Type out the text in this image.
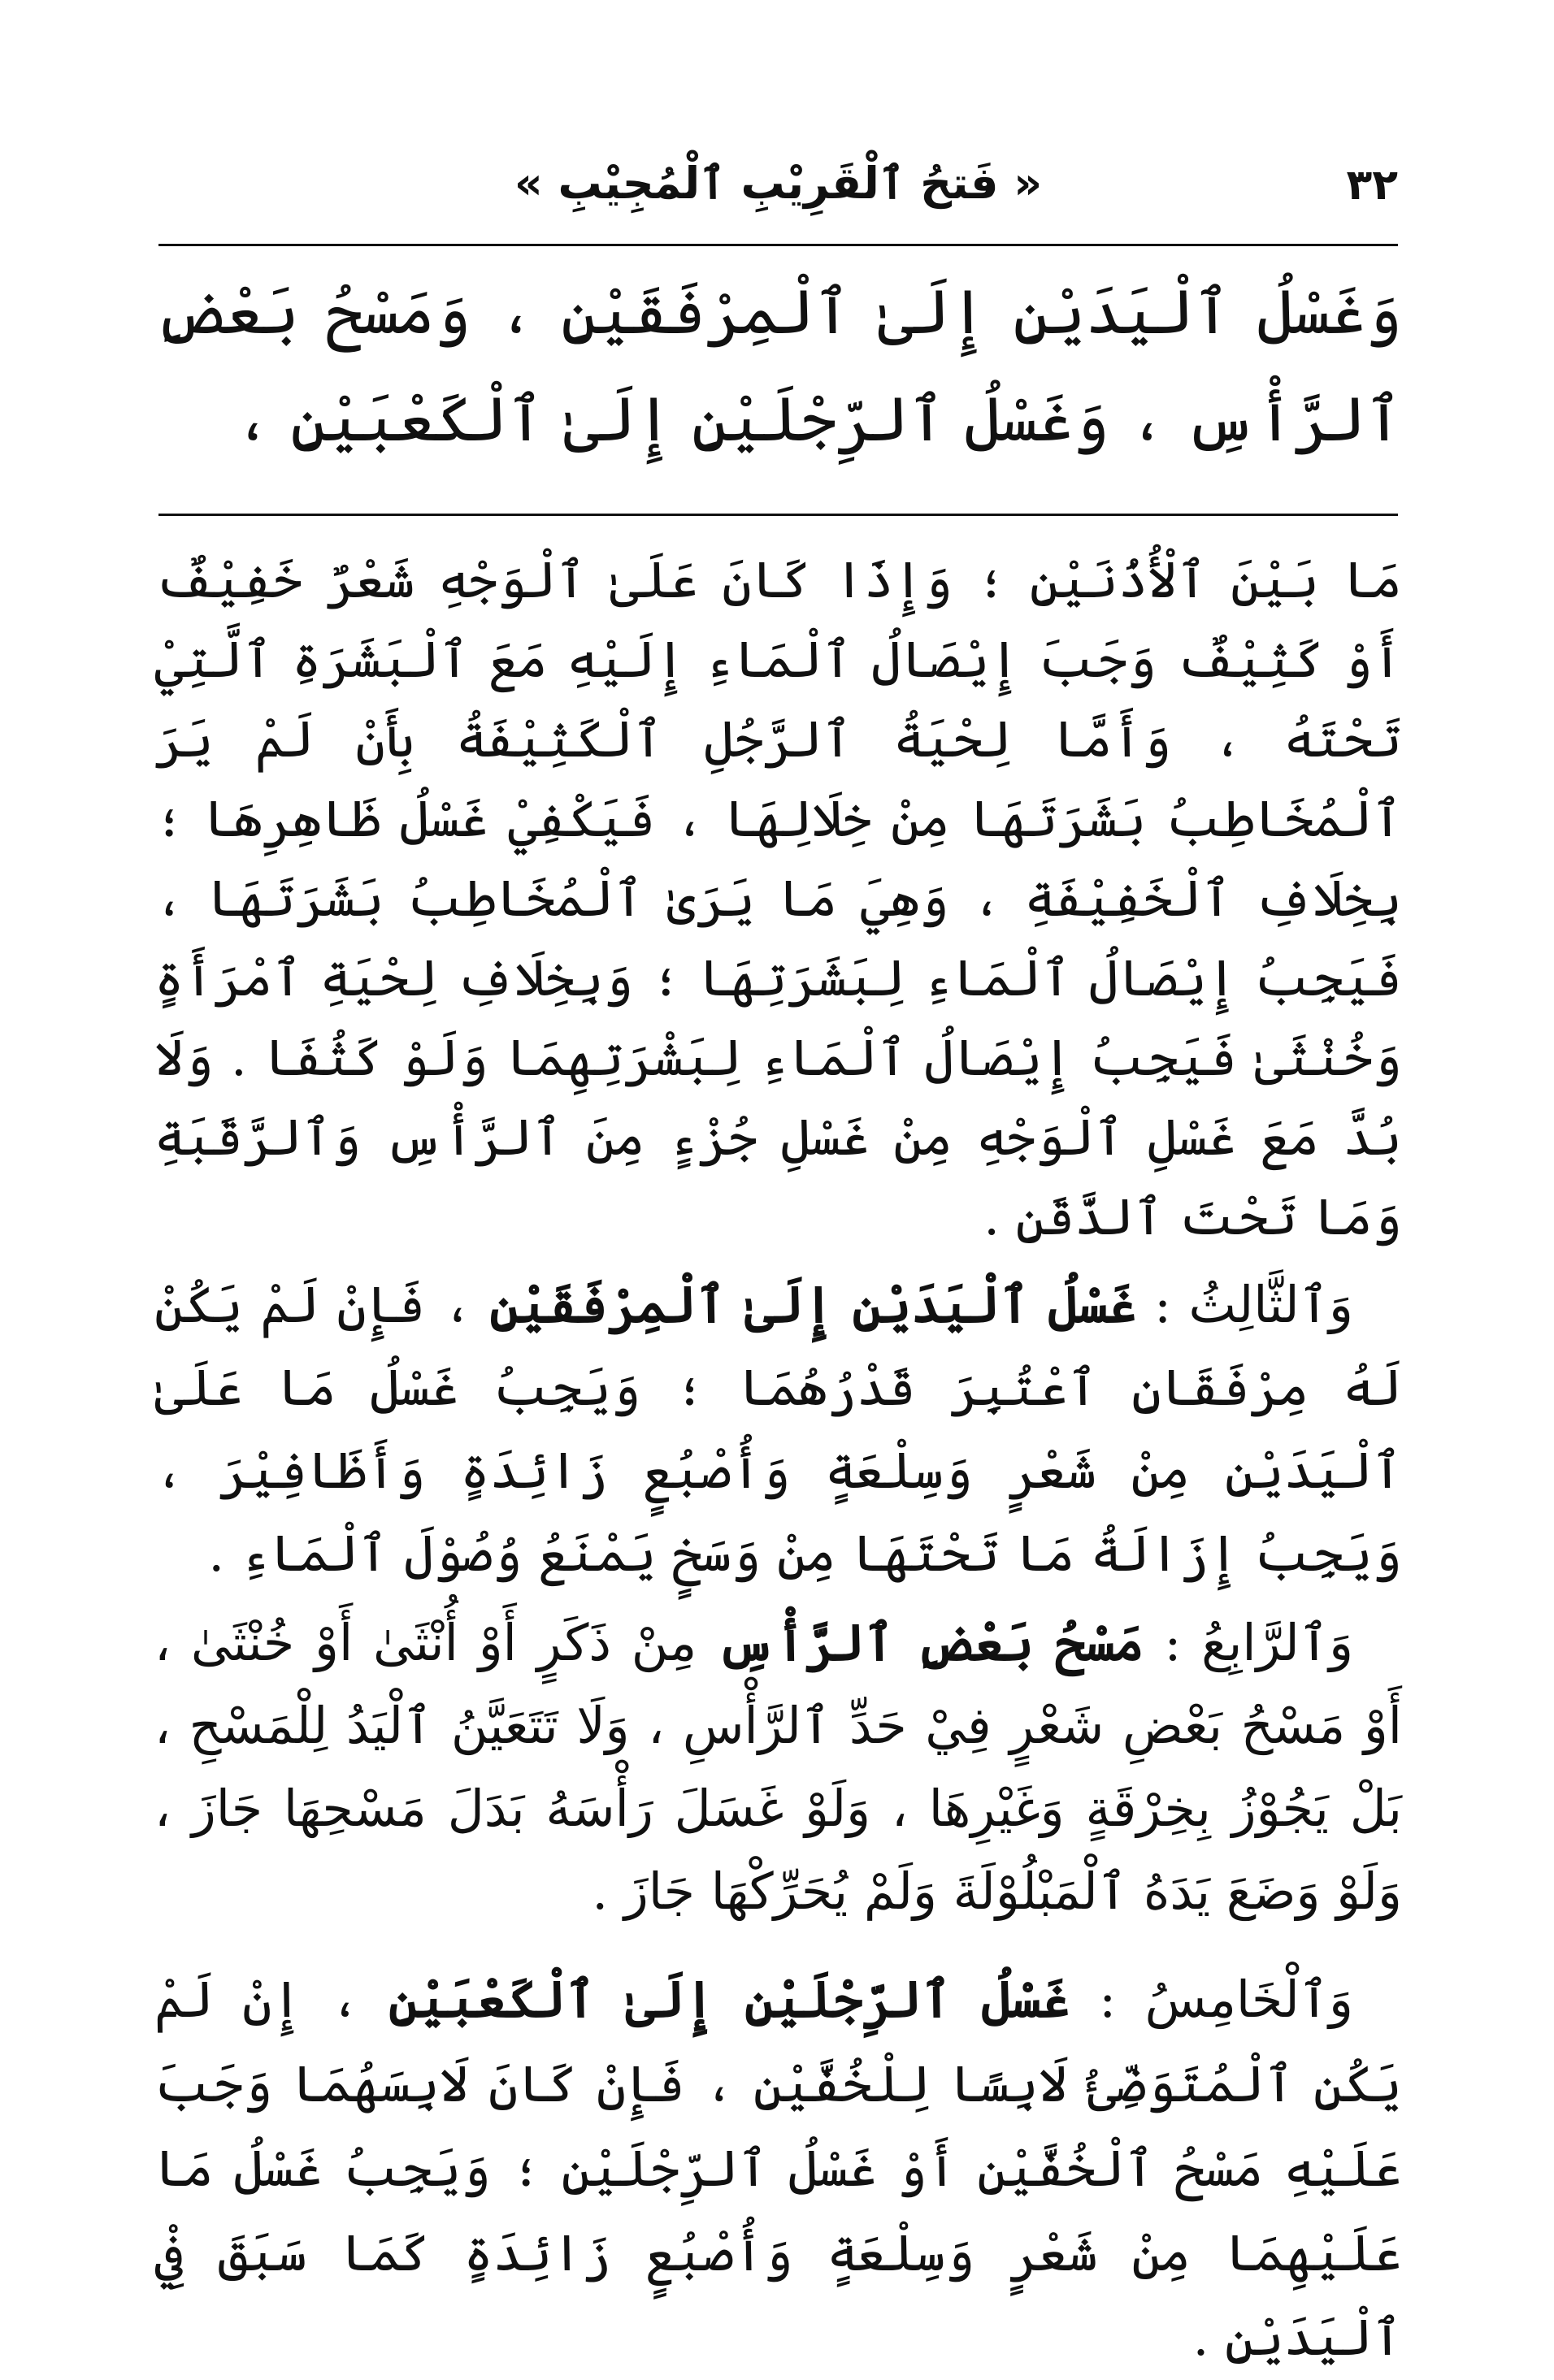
« فَتحُ ٱلْقَرِيْبِ ٱلْمُجِيْبِ »	٣٢
وَغَسْلُ ٱلْيَدَيْنِ إِلَىٰ ٱلْمِرْفَقَيْنِ ، وَمَسْحُ بَعْضِ ٱلرَّأْسِ ، وَغَسْلُ ٱلرِّجْلَيْنِ إِلَىٰ ٱلْكَعْبَيْنِ ،

مَا بَيْنَ ٱلْأُذُنَيْنِ ؛ وَإِذَا كَانَ عَلَىٰ ٱلْوَجْهِ شَعْرٌ خَفِيْفٌ أَوْ كَثِيْفٌ وَجَبَ إِيْصَالُ ٱلْمَاءِ إِلَيْهِ مَعَ ٱلْبَشَرَةِ ٱلَّتِيْ تَحْتَهُ ، وَأَمَّا لِحْيَةُ ٱلرَّجُلِ ٱلْكَثِيْفَةُ بِأَنْ لَمْ يَرَ ٱلْمُخَاطِبُ بَشَرَتَهَا مِنْ خِلَالِهَا ، فَيَكْفِيْ غَسْلُ ظَاهِرِهَا ؛ بِخِلَافِ ٱلْخَفِيْفَةِ ، وَهِيَ مَا يَرَىٰ ٱلْمُخَاطِبُ بَشَرَتَهَا ، فَيَجِبُ إِيْصَالُ ٱلْمَاءِ لِبَشَرَتِهَا ؛ وَبِخِلَافِ لِحْيَةِ ٱمْرَأَةٍ وَخُنْثَىٰ فَيَجِبُ إِيْصَالُ ٱلْمَاءِ لِبَشْرَتِهِمَا وَلَوْ كَثُفَا . وَلَا بُدَّ مَعَ غَسْلِ ٱلْوَجْهِ مِنْ غَسْلِ جُزْءٍ مِنَ ٱلرَّأْسِ وَٱلرَّقَبَةِ وَمَا تَحْتَ ٱلذَّقَنِ .

وَٱلثَّالِثُ : غَسْلُ ٱلْيَدَيْنِ إِلَىٰ ٱلْمِرْفَقَيْنِ ، فَإِنْ لَمْ يَكُنْ لَهُ مِرْفَقَانِ ٱعْتُبِرَ قَدْرُهُمَا ؛ وَيَجِبُ غَسْلُ مَا عَلَىٰ ٱلْيَدَيْنِ مِنْ شَعْرٍ وَسِلْعَةٍ وَأُصْبُعٍ زَائِدَةٍ وَأَظَافِيْرَ ، وَيَجِبُ إِزَالَةُ مَا تَحْتَهَا مِنْ وَسَخٍ يَمْنَعُ وُصُوْلَ ٱلْمَاءِ .

وَٱلرَّابِعُ : مَسْحُ بَعْضِ ٱلرَّأْسِ مِنْ ذَكَرٍ أَوْ أُنْثَىٰ أَوْ خُنْثَىٰ ، أَوْ مَسْحُ بَعْضِ شَعْرٍ فِيْ حَدِّ ٱلرَّأْسِ ، وَلَا تَتَعَيَّنُ ٱلْيَدُ لِلْمَسْحِ ، بَلْ يَجُوْزُ بِخِرْقَةٍ وَغَيْرِهَا ، وَلَوْ غَسَلَ رَأْسَهُ بَدَلَ مَسْحِهَا جَازَ ، وَلَوْ وَضَعَ يَدَهُ ٱلْمَبْلُوْلَةَ وَلَمْ يُحَرِّكْهَا جَازَ .

وَٱلْخَامِسُ : غَسْلُ ٱلرِّجْلَيْنِ إِلَىٰ ٱلْكَعْبَيْنِ ، إِنْ لَمْ يَكُنِ ٱلْمُتَوَضِّئُ لَابِسًا لِلْخُفَّيْنِ ، فَإِنْ كَانَ لَابِسَهُمَا وَجَبَ عَلَيْهِ مَسْحُ ٱلْخُفَّيْنِ أَوْ غَسْلُ ٱلرِّجْلَيْنِ ؛ وَيَجِبُ غَسْلُ مَا عَلَيْهِمَا مِنْ شَعْرٍ وَسِلْعَةٍ وَأُصْبُعٍ زَائِدَةٍ كَمَا سَبَقَ فِيْ ٱلْيَدَيْنِ .
